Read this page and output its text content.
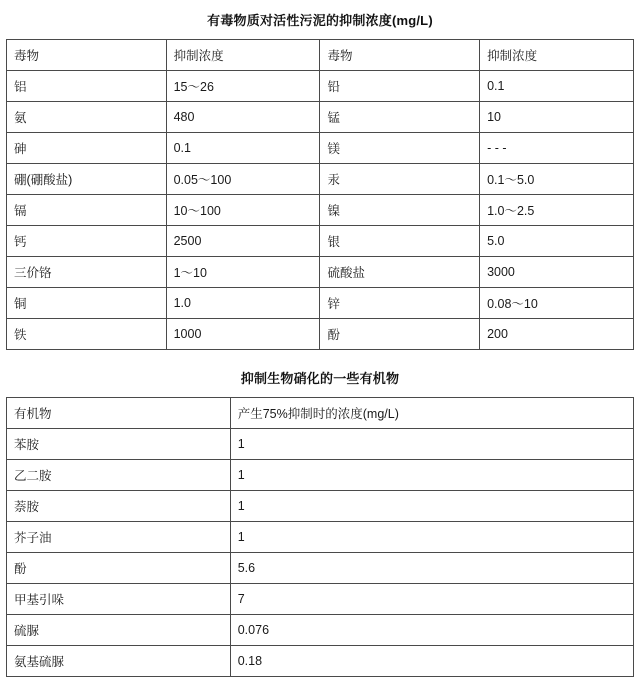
有毒物质对活性污泥的抑制浓度(mg/L)
毒物	抑制浓度	毒物	抑制浓度
铝	15～26	铅	0.1
氨	480	锰	10
砷	0.1	镁	- - -
硼(硼酸盐)	0.05～100	汞	0.1～5.0
镉	10～100	镍	1.0～2.5
钙	2500	银	5.0
三价铬	1～10	硫酸盐	3000
铜	1.0	锌	0.08～10
铁	1000	酚	200
抑制生物硝化的一些有机物
有机物	产生75%抑制时的浓度(mg/L)
苯胺	1
乙二胺	1
萘胺	1
芥子油	1
酚	5.6
甲基引哚	7
硫脲	0.076
氨基硫脲	0.18
